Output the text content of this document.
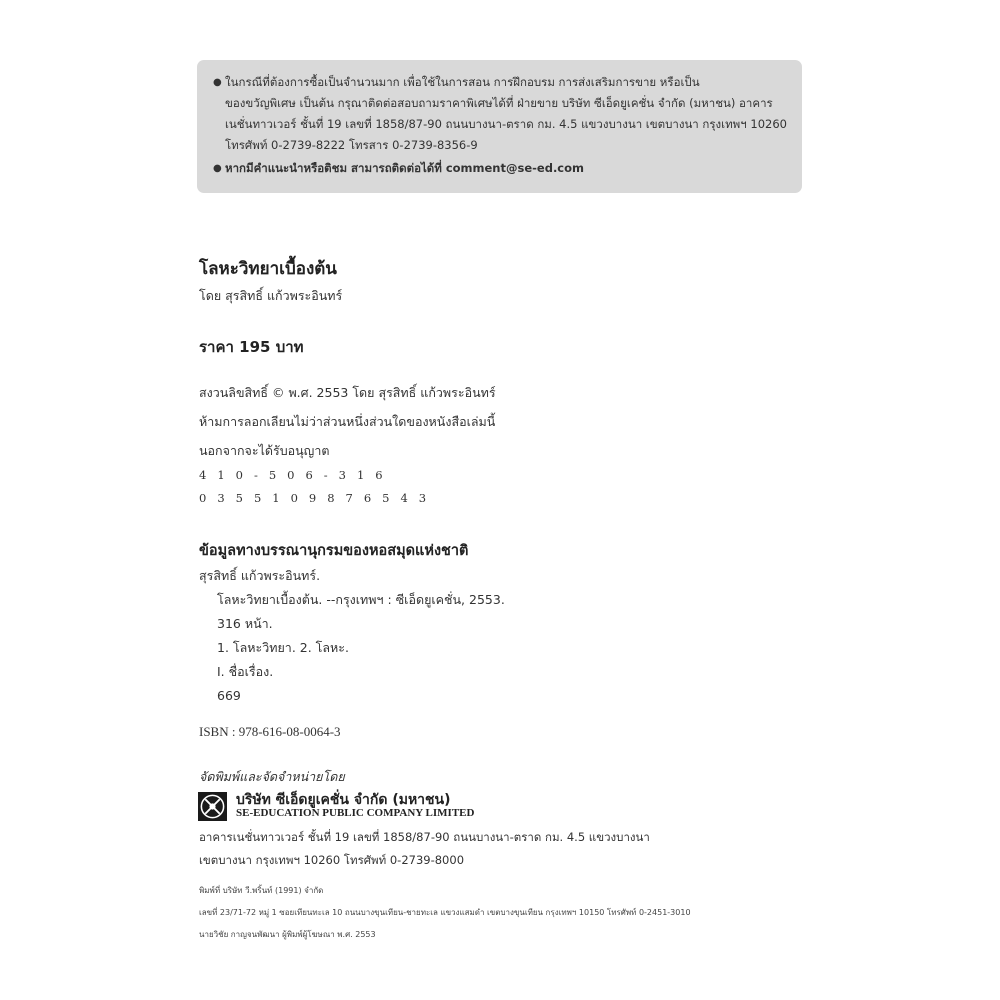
● ในกรณีที่ต้องการซื้อเป็นจำนวนมาก เพื่อใช้ในการสอน การฝึกอบรม การส่งเสริมการขาย หรือเป็น
ของขวัญพิเศษ เป็นต้น กรุณาติดต่อสอบถามราคาพิเศษได้ที่ ฝ่ายขาย บริษัท ซีเอ็ดยูเคชั่น จำกัด (มหาชน) อาคาร
เนชั่นทาวเวอร์ ชั้นที่ 19 เลขที่ 1858/87-90 ถนนบางนา-ตราด กม. 4.5 แขวงบางนา เขตบางนา กรุงเทพฯ 10260
โทรศัพท์ 0-2739-8222 โทรสาร 0-2739-8356-9
● หากมีคำแนะนำหรือติชม สามารถติดต่อได้ที่ comment@se-ed.com
โลหะวิทยาเบื้องต้น
โดย สุรสิทธิ์ แก้วพระอินทร์
ราคา 195 บาท
สงวนลิขสิทธิ์ © พ.ศ. 2553 โดย สุรสิทธิ์ แก้วพระอินทร์
ห้ามการลอกเลียนไม่ว่าส่วนหนึ่งส่วนใดของหนังสือเล่มนี้
นอกจากจะได้รับอนุญาต
410-506-316
0355109876543
ข้อมูลทางบรรณานุกรมของหอสมุดแห่งชาติ
สุรสิทธิ์ แก้วพระอินทร์.
โลหะวิทยาเบื้องต้น. --กรุงเทพฯ : ซีเอ็ดยูเคชั่น, 2553.
316 หน้า.
1. โลหะวิทยา. 2. โลหะ.
I. ชื่อเรื่อง.
669
ISBN : 978-616-08-0064-3
จัดพิมพ์และจัดจำหน่ายโดย
บริษัท ซีเอ็ดยูเคชั่น จำกัด (มหาชน)
SE-EDUCATION PUBLIC COMPANY LIMITED
อาคารเนชั่นทาวเวอร์ ชั้นที่ 19 เลขที่ 1858/87-90 ถนนบางนา-ตราด กม. 4.5 แขวงบางนา
เขตบางนา กรุงเทพฯ 10260 โทรศัพท์ 0-2739-8000
พิมพ์ที่ บริษัท วี.พริ้นท์ (1991) จำกัด
เลขที่ 23/71-72 หมู่ 1 ซอยเทียนทะเล 10 ถนนบางขุนเทียน-ชายทะเล แขวงแสมดำ เขตบางขุนเทียน กรุงเทพฯ 10150 โทรศัพท์ 0-2451-3010
นายวิชัย กาญจนพัฒนา ผู้พิมพ์ผู้โฆษณา พ.ศ. 2553
